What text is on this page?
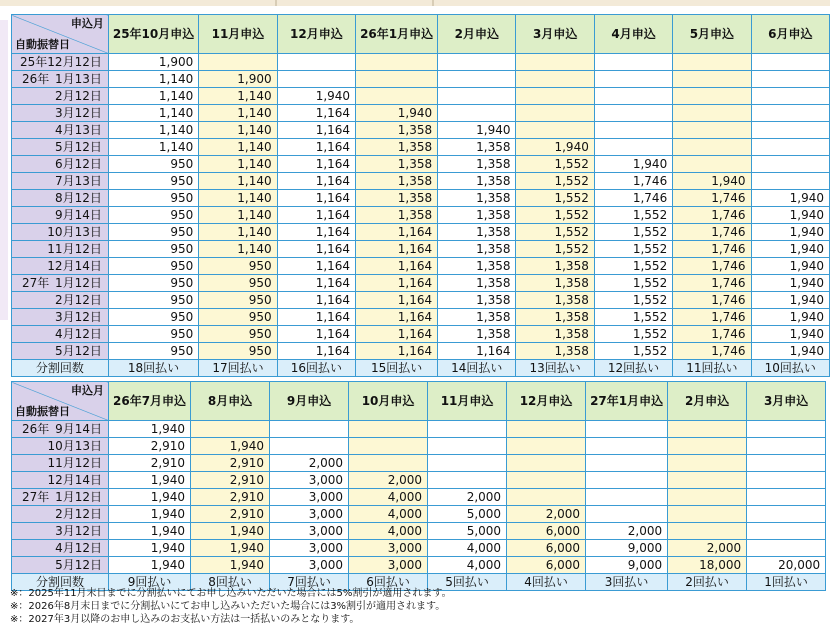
申込月
自動振替日	25年10月申込	11月申込	12月申込	26年1月申込	2月申込	3月申込	4月申込	5月申込	6月申込
25年12月12日	1,900								

26年 1月13日	1,140	1,900							
2月12日	1,140	1,140	1,940						
3月12日	1,140	1,140	1,164	1,940					
4月13日	1,140	1,140	1,164	1,358	1,940				
5月12日	1,140	1,140	1,164	1,358	1,358	1,940			
6月12日	950	1,140	1,164	1,358	1,358	1,552	1,940		
7月13日	950	1,140	1,164	1,358	1,358	1,552	1,746	1,940	
8月12日	950	1,140	1,164	1,358	1,358	1,552	1,746	1,746	1,940
9月14日	950	1,140	1,164	1,358	1,358	1,552	1,552	1,746	1,940
10月13日	950	1,140	1,164	1,164	1,358	1,552	1,552	1,746	1,940
11月12日	950	1,140	1,164	1,164	1,358	1,552	1,552	1,746	1,940
12月14日	950	950	1,164	1,164	1,358	1,358	1,552	1,746	1,940

27年 1月12日	950	950	1,164	1,164	1,358	1,358	1,552	1,746	1,940
2月12日	950	950	1,164	1,164	1,358	1,358	1,552	1,746	1,940
3月12日	950	950	1,164	1,164	1,358	1,358	1,552	1,746	1,940
4月12日	950	950	1,164	1,164	1,358	1,358	1,552	1,746	1,940
5月12日	950	950	1,164	1,164	1,164	1,358	1,552	1,746	1,940
分割回数	18回払い	17回払い	16回払い	15回払い	14回払い	13回払い	12回払い	11回払い	10回払い
申込月
自動振替日	26年7月申込	8月申込	9月申込	10月申込	11月申込	12月申込	27年1月申込	2月申込	3月申込

26年 9月14日	1,940								
10月13日	2,910	1,940							
11月12日	2,910	2,910	2,000						
12月14日	1,940	2,910	3,000	2,000					

27年 1月12日	1,940	2,910	3,000	4,000	2,000				
2月12日	1,940	2,910	3,000	4,000	5,000	2,000			
3月12日	1,940	1,940	3,000	4,000	5,000	6,000	2,000		
4月12日	1,940	1,940	3,000	3,000	4,000	6,000	9,000	2,000	
5月12日	1,940	1,940	3,000	3,000	4,000	6,000	9,000	18,000	20,000
分割回数	9回払い	8回払い	7回払い	6回払い	5回払い	4回払い	3回払い	2回払い	1回払い
※：2025年11月末日までに分割払いにてお申し込みいただいた場合には5%割引が適用されます。
※：2026年8月末日までに分割払いにてお申し込みいただいた場合には3%割引が適用されます。
※：2027年3月以降のお申し込みのお支払い方法は一括払いのみとなります。
